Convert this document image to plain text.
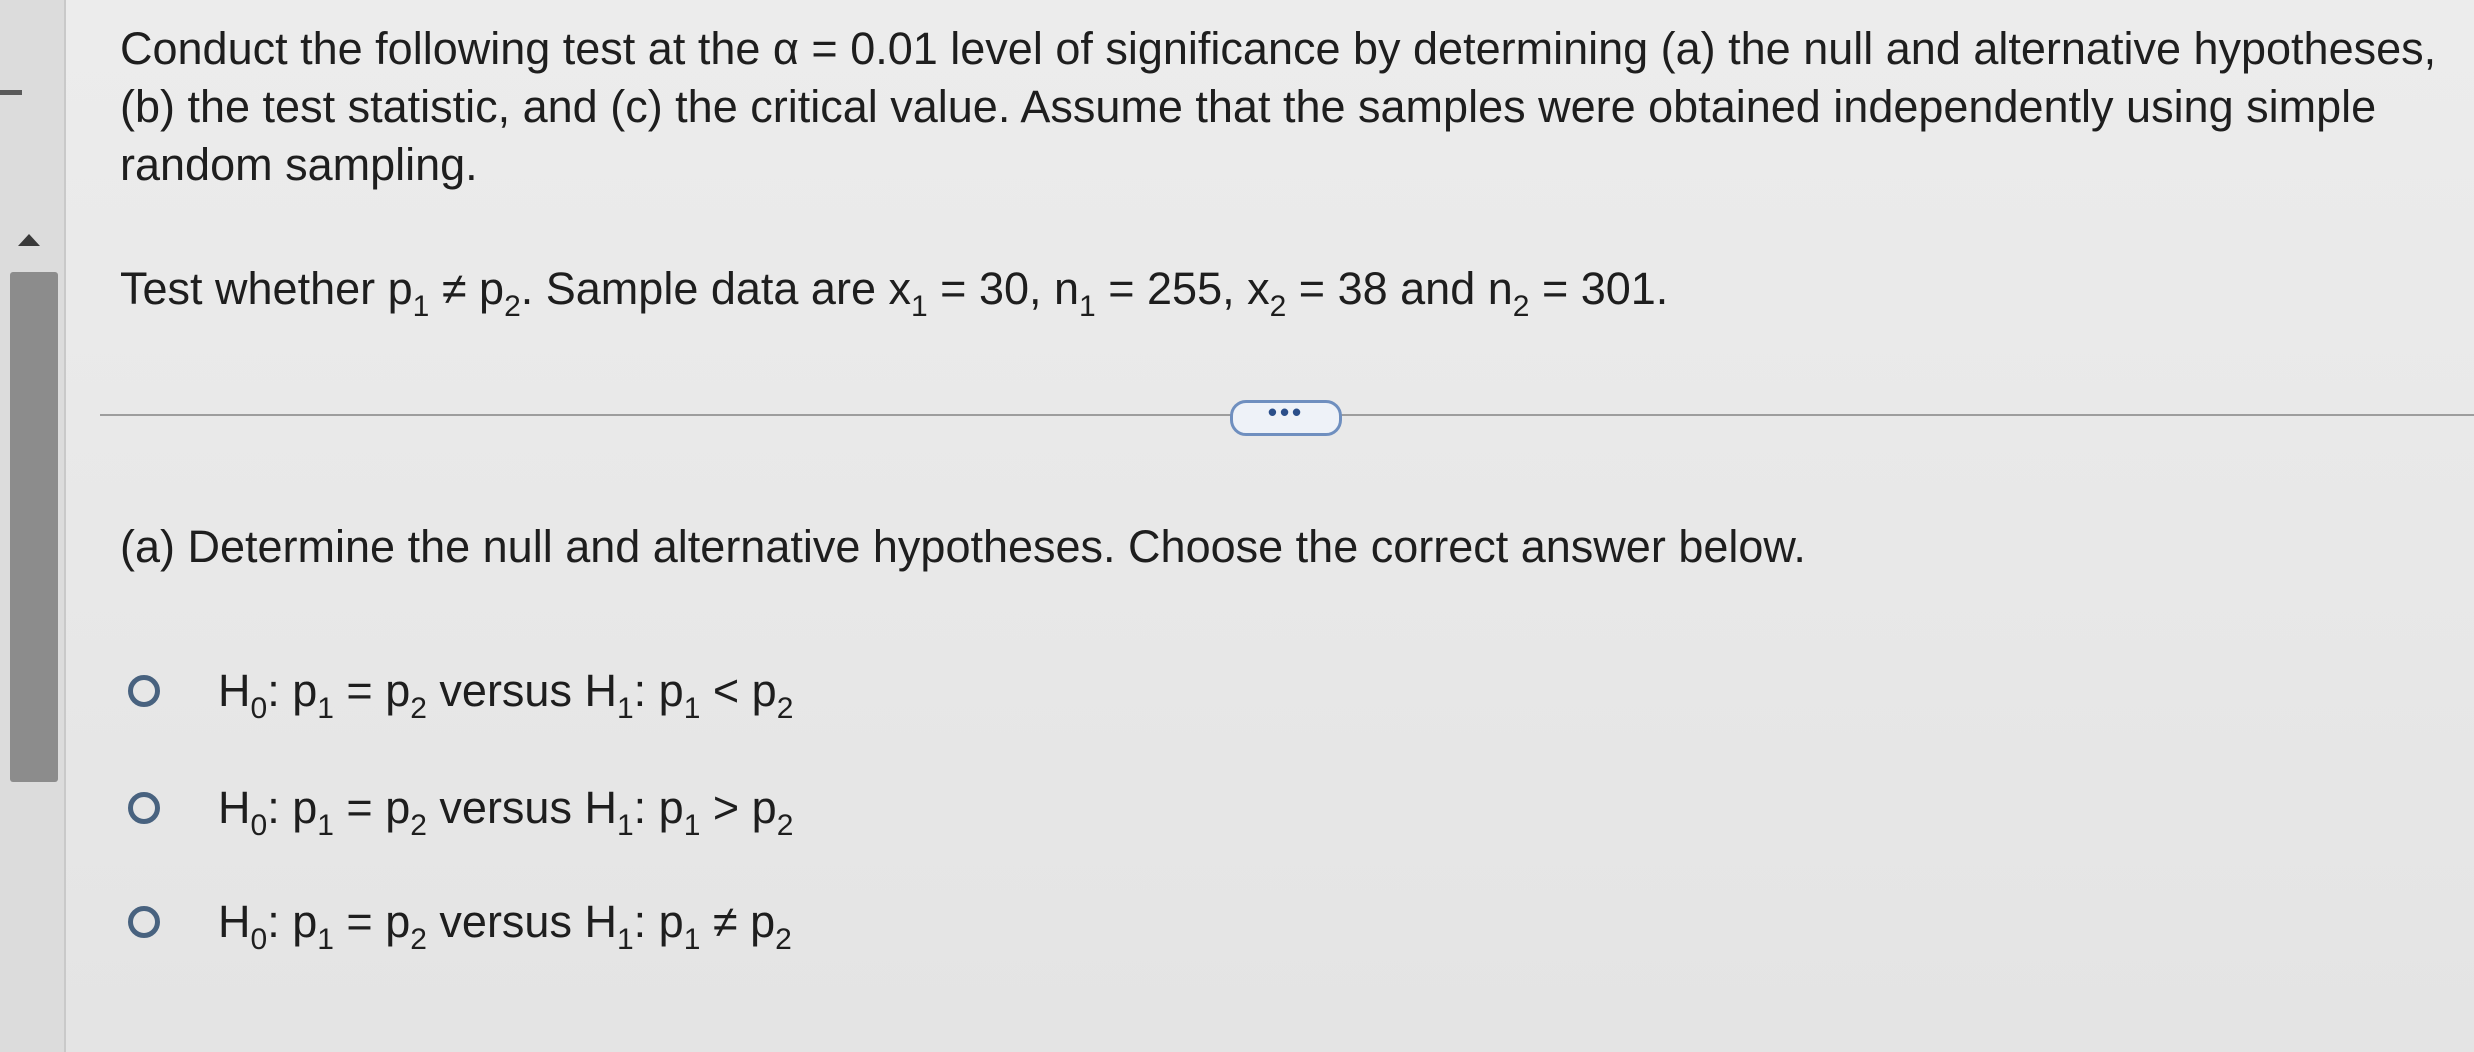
Conduct the following test at the α = 0.01 level of significance by determining (a) the null and alternative hypotheses, (b) the test statistic, and (c) the critical value. Assume that the samples were obtained independently using simple random sampling.

Test whether $p_1 \ne p_2$. Sample data are $x_1 = 30$, $n_1 = 255$, $x_2 = 38$ and $n_2 = 301$.
•••
(a) Determine the null and alternative hypotheses. Choose the correct answer below.
$H_0$: $p_1 = p_2$ versus $H_1$: $p_1 < p_2$
$H_0$: $p_1 = p_2$ versus $H_1$: $p_1 > p_2$
$H_0$: $p_1 = p_2$ versus $H_1$: $p_1 \ne p_2$
